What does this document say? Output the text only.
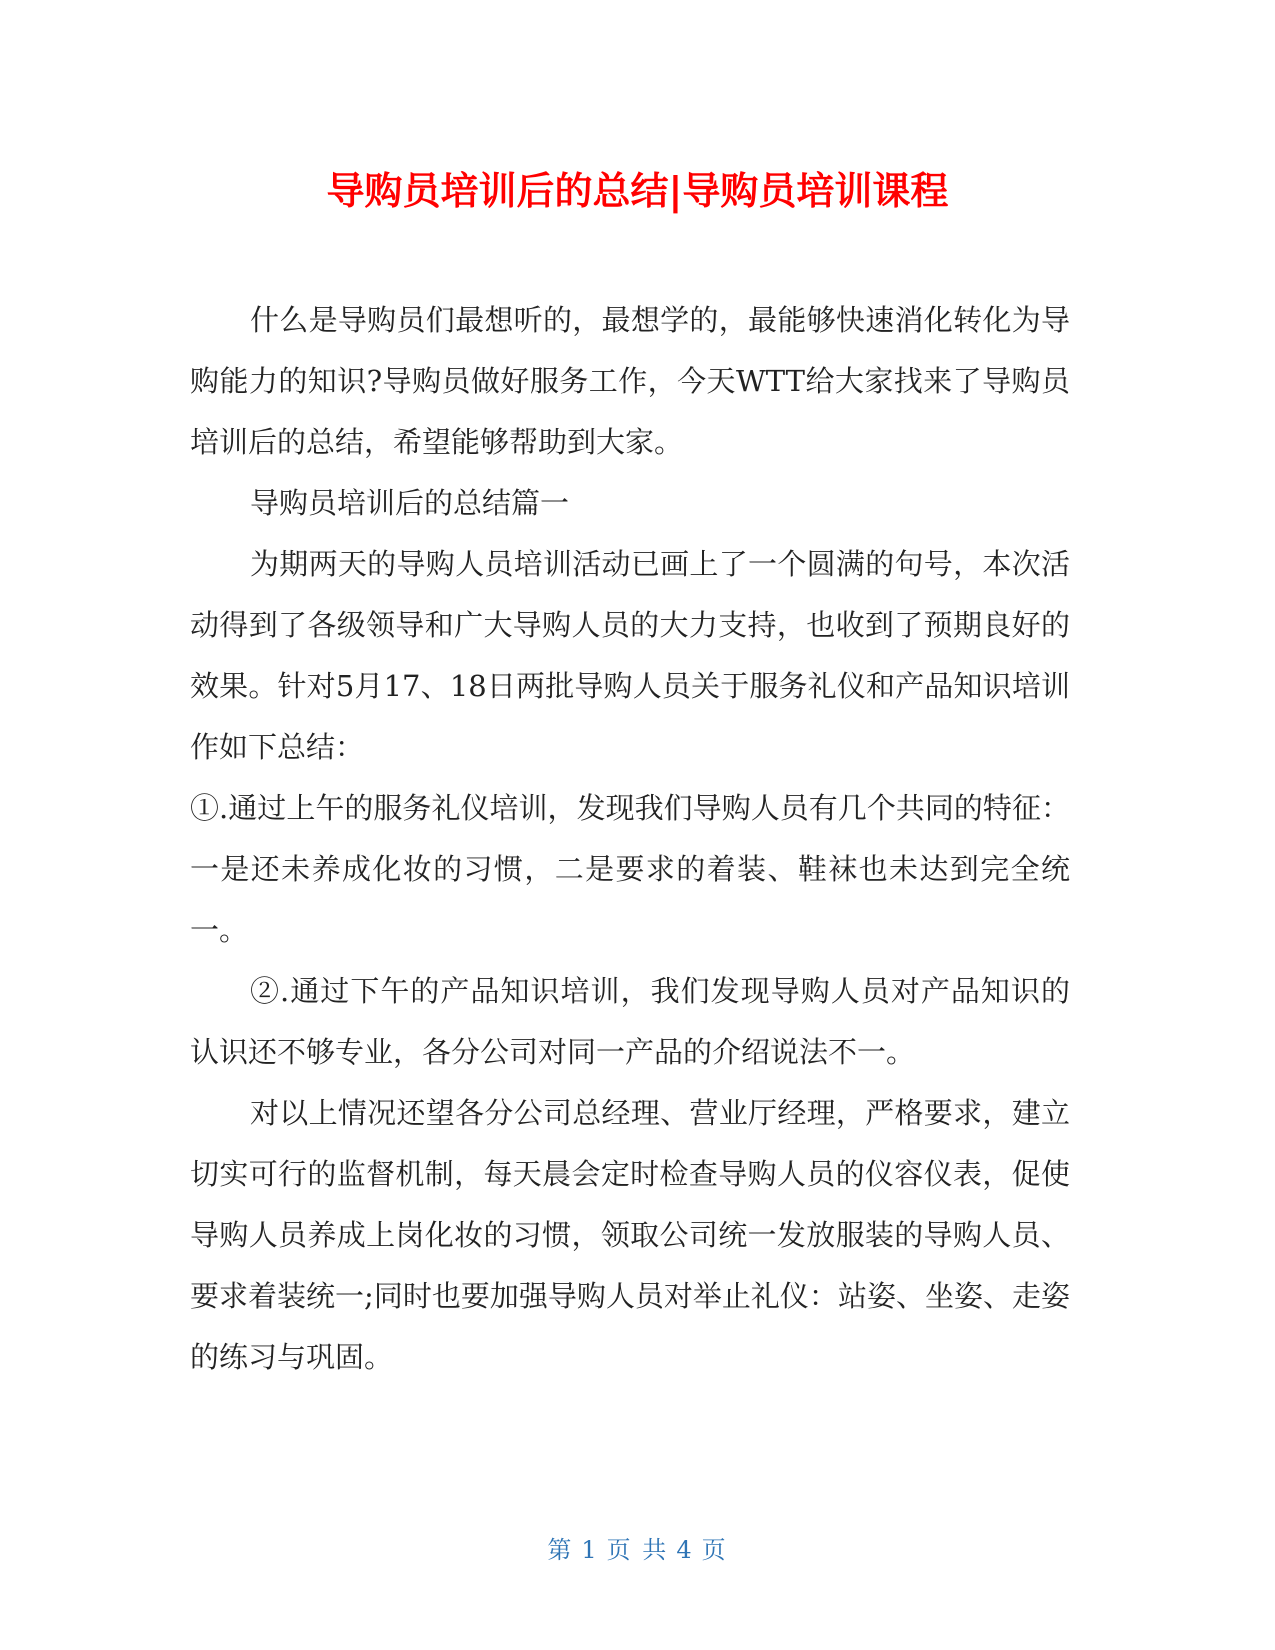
导购员培训后的总结|导购员培训课程

什么是导购员们最想听的，最想学的，最能够快速消化转化为导购能力的知识?导购员做好服务工作，今天WTT给大家找来了导购员培训后的总结，希望能够帮助到大家。

导购员培训后的总结篇一

为期两天的导购人员培训活动已画上了一个圆满的句号，本次活动得到了各级领导和广大导购人员的大力支持，也收到了预期良好的效果。针对5月17、18日两批导购人员关于服务礼仪和产品知识培训作如下总结：

①.通过上午的服务礼仪培训，发现我们导购人员有几个共同的特征：一是还未养成化妆的习惯，二是要求的着装、鞋袜也未达到完全统一。

②.通过下午的产品知识培训，我们发现导购人员对产品知识的认识还不够专业，各分公司对同一产品的介绍说法不一。

对以上情况还望各分公司总经理、营业厅经理，严格要求，建立切实可行的监督机制，每天晨会定时检查导购人员的仪容仪表，促使导购人员养成上岗化妆的习惯，领取公司统一发放服装的导购人员、要求着装统一;同时也要加强导购人员对举止礼仪：站姿、坐姿、走姿的练习与巩固。

第 1 页 共 4 页
